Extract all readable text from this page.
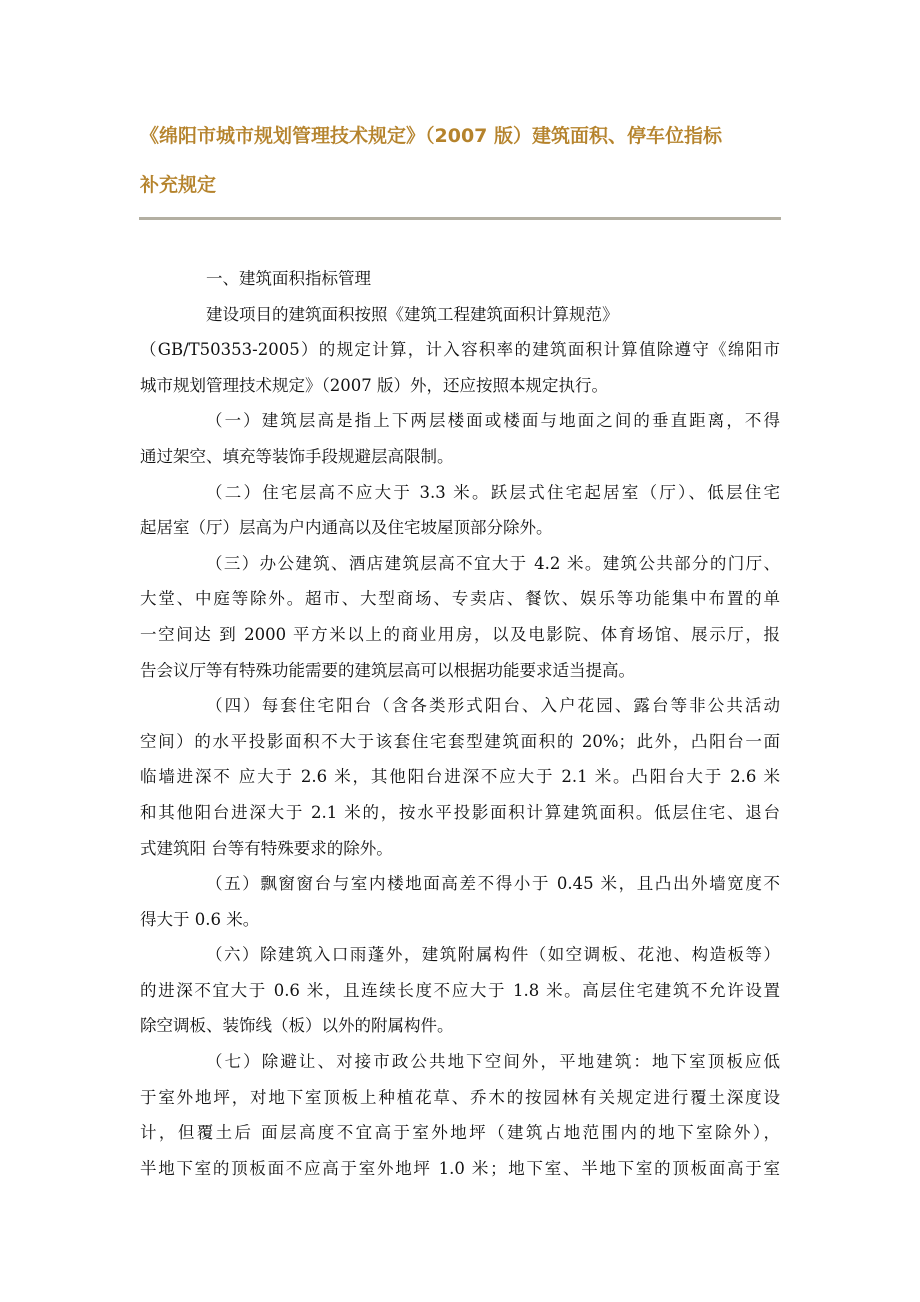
《绵阳市城市规划管理技术规定》（2007 版）建筑面积、停车位指标
补充规定
一、建筑面积指标管理
建设项目的建筑面积按照《建筑工程建筑面积计算规范》
（GB/T50353-2005）的规定计算，计入容积率的建筑面积计算值除遵守《绵阳市
城市规划管理技术规定》（2007 版）外，还应按照本规定执行。
（一）建筑层高是指上下两层楼面或楼面与地面之间的垂直距离，不得
通过架空、填充等装饰手段规避层高限制。
（二）住宅层高不应大于 3.3 米。跃层式住宅起居室（厅）、低层住宅
起居室（厅）层高为户内通高以及住宅坡屋顶部分除外。
（三）办公建筑、酒店建筑层高不宜大于 4.2 米。建筑公共部分的门厅、
大堂、中庭等除外。超市、大型商场、专卖店、餐饮、娱乐等功能集中布置的单
一空间达 到 2000 平方米以上的商业用房，以及电影院、体育场馆、展示厅，报
告会议厅等有特殊功能需要的建筑层高可以根据功能要求适当提高。
（四）每套住宅阳台（含各类形式阳台、入户花园、露台等非公共活动
空间）的水平投影面积不大于该套住宅套型建筑面积的 20%；此外，凸阳台一面
临墙进深不 应大于 2.6 米，其他阳台进深不应大于 2.1 米。凸阳台大于 2.6 米
和其他阳台进深大于 2.1 米的，按水平投影面积计算建筑面积。低层住宅、退台
式建筑阳 台等有特殊要求的除外。
（五）飘窗窗台与室内楼地面高差不得小于 0.45 米，且凸出外墙宽度不
得大于 0.6 米。
（六）除建筑入口雨蓬外，建筑附属构件（如空调板、花池、构造板等）
的进深不宜大于 0.6 米，且连续长度不应大于 1.8 米。高层住宅建筑不允许设置
除空调板、装饰线（板）以外的附属构件。
（七）除避让、对接市政公共地下空间外，平地建筑：地下室顶板应低
于室外地坪，对地下室顶板上种植花草、乔木的按园林有关规定进行覆土深度设
计，但覆土后 面层高度不宜高于室外地坪（建筑占地范围内的地下室除外），
半地下室的顶板面不应高于室外地坪 1.0 米；地下室、半地下室的顶板面高于室
